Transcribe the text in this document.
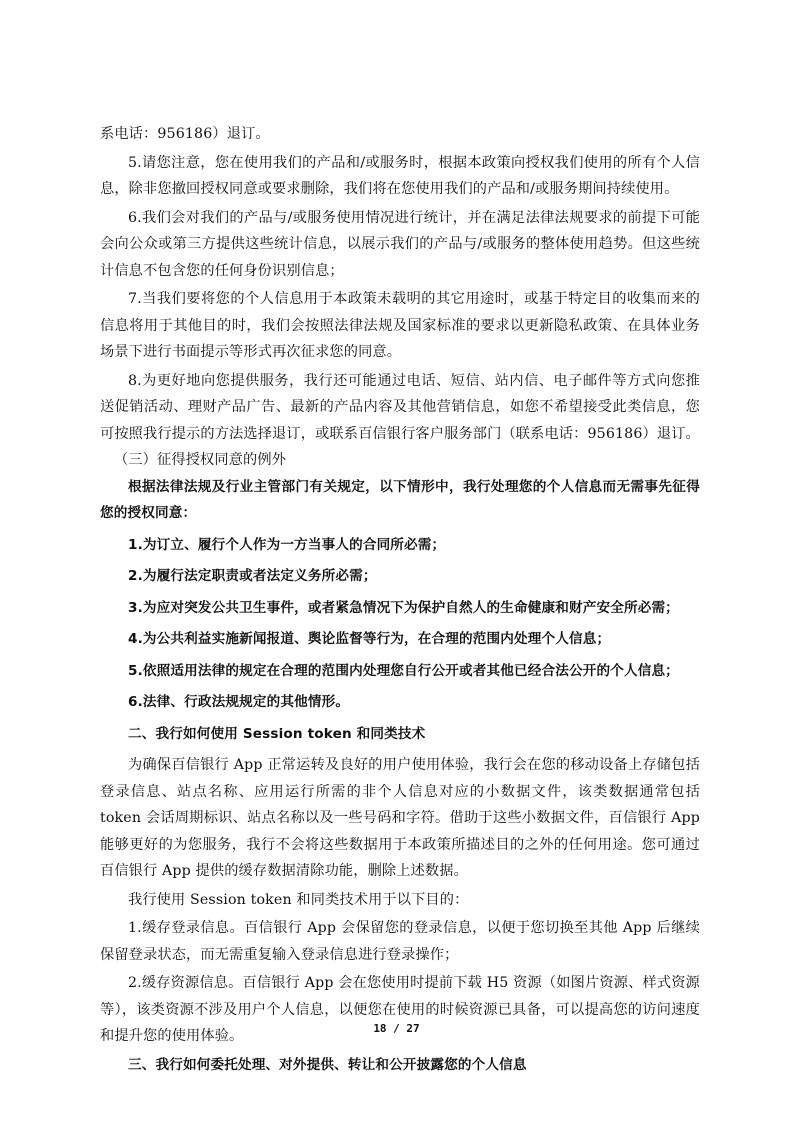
系电话：956186）退订。

5.请您注意，您在使用我们的产品和/或服务时，根据本政策向授权我们使用的所有个人信息，除非您撤回授权同意或要求删除，我们将在您使用我们的产品和/或服务期间持续使用。

6.我们会对我们的产品与/或服务使用情况进行统计，并在满足法律法规要求的前提下可能会向公众或第三方提供这些统计信息，以展示我们的产品与/或服务的整体使用趋势。但这些统计信息不包含您的任何身份识别信息；

7.当我们要将您的个人信息用于本政策未载明的其它用途时，或基于特定目的收集而来的信息将用于其他目的时，我们会按照法律法规及国家标准的要求以更新隐私政策、在具体业务场景下进行书面提示等形式再次征求您的同意。

8.为更好地向您提供服务，我行还可能通过电话、短信、站内信、电子邮件等方式向您推送促销活动、理财产品广告、最新的产品内容及其他营销信息，如您不希望接受此类信息，您可按照我行提示的方法选择退订，或联系百信银行客户服务部门（联系电话：956186）退订。

（三）征得授权同意的例外

根据法律法规及行业主管部门有关规定，以下情形中，我行处理您的个人信息而无需事先征得您的授权同意：

1.为订立、履行个人作为一方当事人的合同所必需；

2.为履行法定职责或者法定义务所必需；

3.为应对突发公共卫生事件，或者紧急情况下为保护自然人的生命健康和财产安全所必需；

4.为公共利益实施新闻报道、舆论监督等行为，在合理的范围内处理个人信息；

5.依照适用法律的规定在合理的范围内处理您自行公开或者其他已经合法公开的个人信息；

6.法律、行政法规规定的其他情形。

二、我行如何使用 Session token 和同类技术

为确保百信银行 App 正常运转及良好的用户使用体验，我行会在您的移动设备上存储包括登录信息、站点名称、应用运行所需的非个人信息对应的小数据文件，该类数据通常包括 token 会话周期标识、站点名称以及一些号码和字符。借助于这些小数据文件，百信银行 App 能够更好的为您服务，我行不会将这些数据用于本政策所描述目的之外的任何用途。您可通过百信银行 App 提供的缓存数据清除功能，删除上述数据。

我行使用 Session token 和同类技术用于以下目的：

1.缓存登录信息。百信银行 App 会保留您的登录信息，以便于您切换至其他 App 后继续保留登录状态，而无需重复输入登录信息进行登录操作；

2.缓存资源信息。百信银行 App 会在您使用时提前下载 H5 资源（如图片资源、样式资源等），该类资源不涉及用户个人信息，以便您在使用的时候资源已具备，可以提高您的访问速度和提升您的使用体验。

三、我行如何委托处理、对外提供、转让和公开披露您的个人信息

18 / 27
